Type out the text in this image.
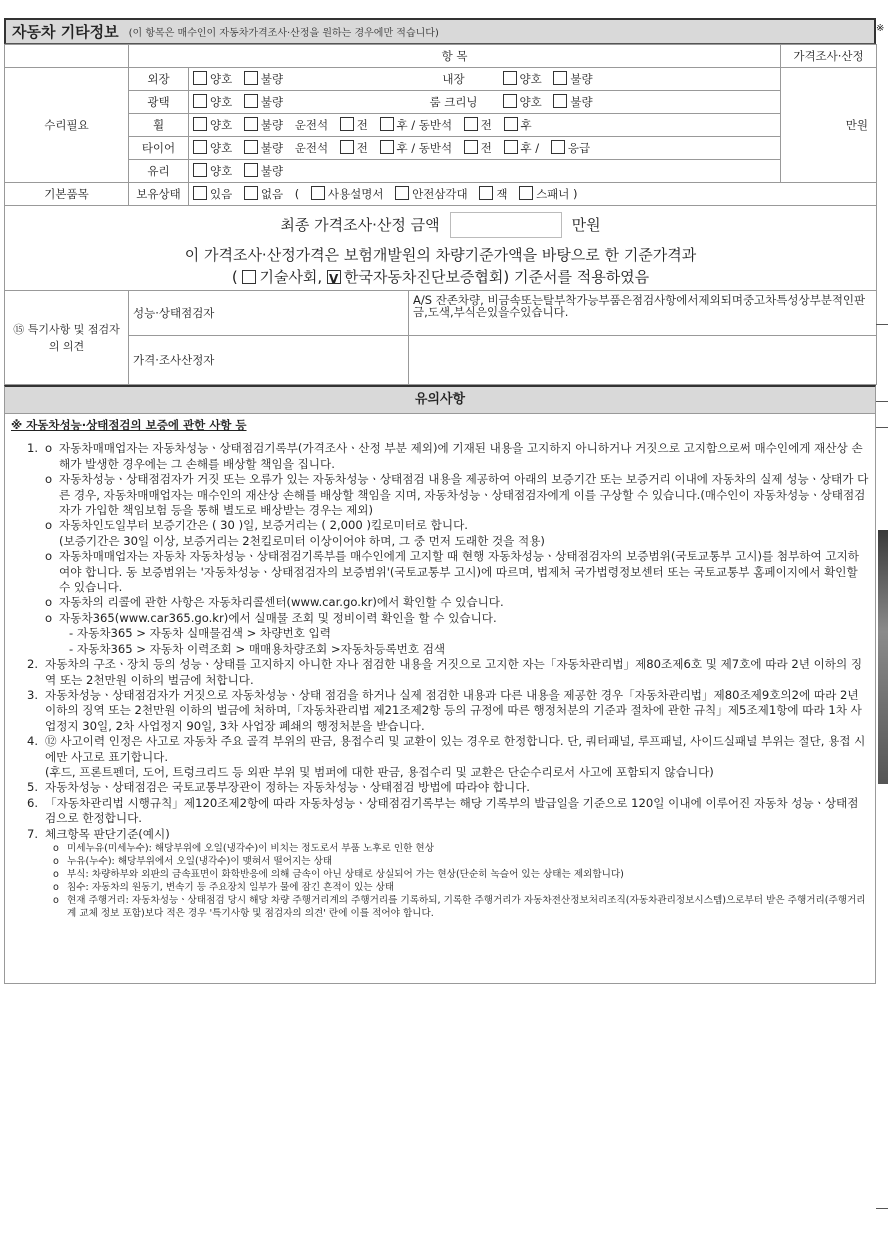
자동차 기타정보 (이 항목은 매수인이 자동차가격조사·산정을 원하는 경우에만 적습니다)
	항 목				가격조사·산정	
수리필요	외장	양호 불량	내장	양호 불량	만원	
	광택	양호 불량	룸 크리닝	양호 불량		
	휠	양호 불량 운전석 전 후 / 동반석 전 후				
	타이어	양호 불량 운전석 전 후 / 동반석 전 후 / 응급				
	유리	양호 불량				
기본품목	보유상태	있음 없음 ( 사용설명서 안전삼각대 잭 스패너 )				

최종 가격조사·산정 금액 만원
이 가격조사·산정가격은 보험개발원의 차량기준가액을 바탕으로 한 기준가격과
( 기술사회, V 한국자동차진단보증협회) 기준서를 적용하였음

⑮ 특기사항 및 점검자의 의견	성능·상태점검자		A/S 잔존차량, 비금속또는탈부착가능부품은점검사항에서제외되며중고차특성상부분적인판금,도색,부식은있을수있습니다.			
	가격·조사산정자					
유의사항
※ 자동차성능·상태점검의 보증에 관한 사항 등
1. o 자동차매매업자는 자동차성능ㆍ상태점검기록부(가격조사ㆍ산정 부분 제외)에 기재된 내용을 고지하지 아니하거나 거짓으로 고지함으로써 매수인에게 재산상 손해가 발생한 경우에는 그 손해를 배상할 책임을 집니다.
o 자동차성능ㆍ상태점검자가 거짓 또는 오류가 있는 자동차성능ㆍ상태점검 내용을 제공하여 아래의 보증기간 또는 보증거리 이내에 자동차의 실제 성능ㆍ상태가 다른 경우, 자동차매매업자는 매수인의 재산상 손해를 배상할 책임을 지며, 자동차성능ㆍ상태점검자에게 이를 구상할 수 있습니다.(매수인이 자동차성능ㆍ상태점검자가 가입한 책임보험 등을 통해 별도로 배상받는 경우는 제외)
o 자동차인도일부터 보증기간은 ( 30 )일, 보증거리는 ( 2,000 )킬로미터로 합니다.
(보증기간은 30일 이상, 보증거리는 2천킬로미터 이상이어야 하며, 그 중 먼저 도래한 것을 적용)
o 자동차매매업자는 자동차 자동차성능ㆍ상태점검기록부를 매수인에게 고지할 때 현행 자동차성능ㆍ상태점검자의 보증범위(국토교통부 고시)를 첨부하여 고지하여야 합니다. 동 보증범위는 '자동차성능ㆍ상태점검자의 보증범위'(국토교통부 고시)에 따르며, 법제처 국가법령정보센터 또는 국토교통부 홈페이지에서 확인할 수 있습니다.
o 자동차의 리콜에 관한 사항은 자동차리콜센터(www.car.go.kr)에서 확인할 수 있습니다.
o 자동차365(www.car365.go.kr)에서 실매물 조회 및 정비이력 확인을 할 수 있습니다.
- 자동차365 > 자동차 실매물검색 > 차량번호 입력
- 자동차365 > 자동차 이력조회 > 매매용차량조회 >자동차등록번호 검색
2. 자동차의 구조ㆍ장치 등의 성능ㆍ상태를 고지하지 아니한 자나 점검한 내용을 거짓으로 고지한 자는「자동차관리법」제80조제6호 및 제7호에 따라 2년 이하의 징역 또는 2천만원 이하의 벌금에 처합니다.
3. 자동차성능ㆍ상태점검자가 거짓으로 자동차성능ㆍ상태 점검을 하거나 실제 점검한 내용과 다른 내용을 제공한 경우「자동차관리법」제80조제9호의2에 따라 2년 이하의 징역 또는 2천만원 이하의 벌금에 처하며,「자동차관리법 제21조제2항 등의 규정에 따른 행정처분의 기준과 절차에 관한 규칙」제5조제1항에 따라 1차 사업정지 30일, 2차 사업정지 90일, 3차 사업장 폐쇄의 행정처분을 받습니다.
4. ⑫ 사고이력 인정은 사고로 자동차 주요 골격 부위의 판금, 용접수리 및 교환이 있는 경우로 한정합니다. 단, 쿼터패널, 루프패널, 사이드실패널 부위는 절단, 용접 시에만 사고로 표기합니다.
(후드, 프론트펜더, 도어, 트렁크리드 등 외판 부위 및 범퍼에 대한 판금, 용접수리 및 교환은 단순수리로서 사고에 포함되지 않습니다)
5. 자동차성능ㆍ상태점검은 국토교통부장관이 정하는 자동차성능ㆍ상태점검 방법에 따라야 합니다.
6. 「자동차관리법 시행규칙」제120조제2항에 따라 자동차성능ㆍ상태점검기록부는 해당 기록부의 발급일을 기준으로 120일 이내에 이루어진 자동차 성능ㆍ상태점검으로 한정합니다.
7. 체크항목 판단기준(예시)
o 미세누유(미세누수): 해당부위에 오일(냉각수)이 비치는 정도로서 부품 노후로 인한 현상
o 누유(누수): 해당부위에서 오일(냉각수)이 맺혀서 떨어지는 상태
o 부식: 차량하부와 외판의 금속표면이 화학반응에 의해 금속이 아닌 상태로 상실되어 가는 현상(단순히 녹슬어 있는 상태는 제외합니다)
o 침수: 자동차의 원동기, 변속기 등 주요장치 일부가 물에 잠긴 흔적이 있는 상태
o 현재 주행거리: 자동차성능ㆍ상태점검 당시 해당 차량 주행거리계의 주행거리를 기록하되, 기록한 주행거리가 자동차전산정보처리조직(자동차관리정보시스템)으로부터 받은 주행거리(주행거리계 교체 정보 포함)보다 적은 경우 '특기사항 및 점검자의 의견' 란에 이를 적어야 합니다.
※
